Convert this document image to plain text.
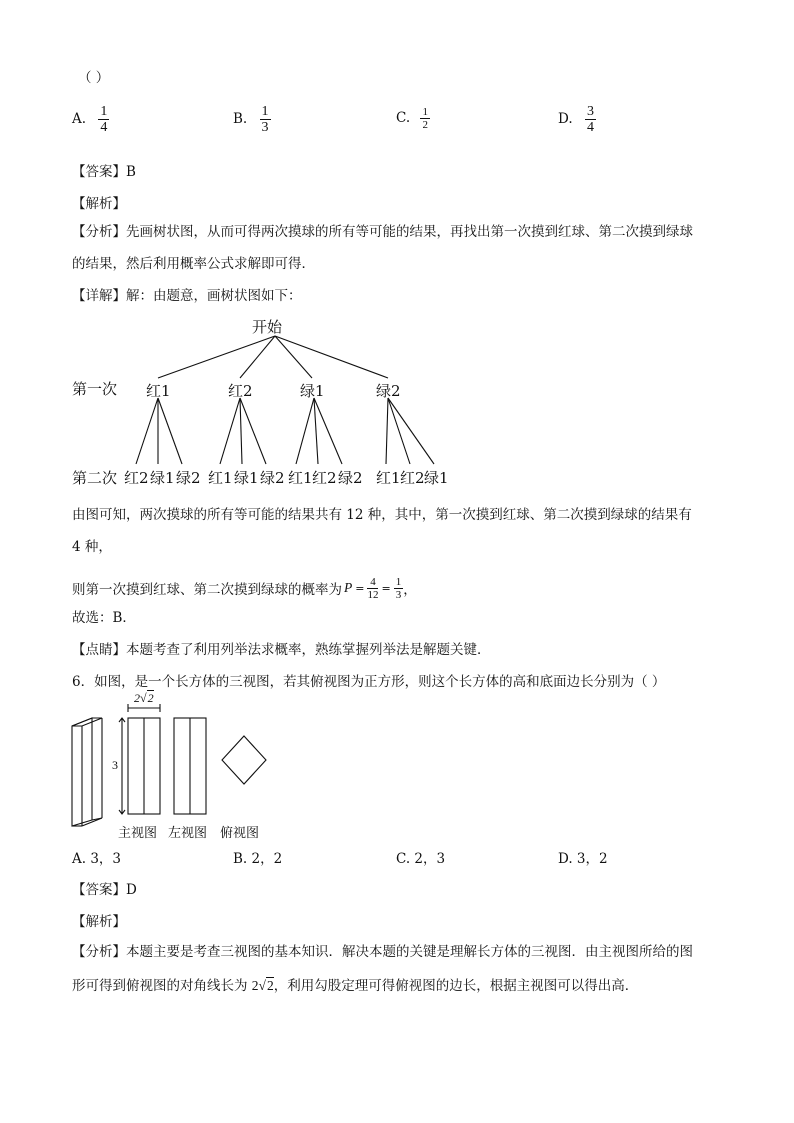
（ ）
A. $\frac{1}{4}$	B. $\frac{1}{3}$	C. $\frac{1}{2}$	D. $\frac{3}{4}$
【答案】B
【解析】
【分析】先画树状图，从而可得两次摸球的所有等可能的结果，再找出第一次摸到红球、第二次摸到绿球
的结果，然后利用概率公式求解即可得．
【详解】解：由题意，画树状图如下：
开始
第一次 红1	红2	绿1	绿2
第二次 红2 绿1 绿2 红1 绿1 绿2 红1 红2 绿2 红1 红2 绿1
由图可知，两次摸球的所有等可能的结果共有 12 种，其中，第一次摸到红球、第二次摸到绿球的结果有
4 种，
则第一次摸到红球、第二次摸到绿球的概率为 $P = \frac{4}{12} = \frac{1}{3}$ ，
故选：B．
【点睛】本题考查了利用列举法求概率，熟练掌握列举法是解题关键．
6．如图，是一个长方体的三视图，若其俯视图为正方形，则这个长方体的高和底面边长分别为（ ）
2√2
3
主视图 左视图 俯视图
A. 3，3	B. 2，2	C. 2，3	D. 3，2
【答案】D
【解析】
【分析】本题主要是考查三视图的基本知识．解决本题的关键是理解长方体的三视图．由主视图所给的图
形可得到俯视图的对角线长为 2√2，利用勾股定理可得俯视图的边长，根据主视图可以得出高．
